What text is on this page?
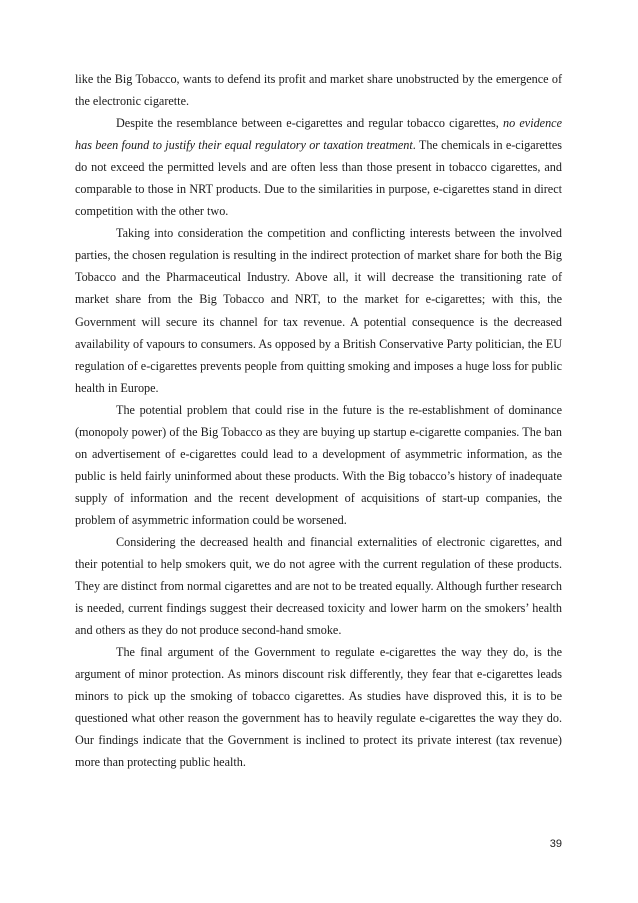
like the Big Tobacco, wants to defend its profit and market share unobstructed by the emergence of the electronic cigarette.

Despite the resemblance between e-cigarettes and regular tobacco cigarettes, no evidence has been found to justify their equal regulatory or taxation treatment. The chemicals in e-cigarettes do not exceed the permitted levels and are often less than those present in tobacco cigarettes, and comparable to those in NRT products. Due to the similarities in purpose, e-cigarettes stand in direct competition with the other two.

Taking into consideration the competition and conflicting interests between the involved parties, the chosen regulation is resulting in the indirect protection of market share for both the Big Tobacco and the Pharmaceutical Industry. Above all, it will decrease the transitioning rate of market share from the Big Tobacco and NRT, to the market for e-cigarettes; with this, the Government will secure its channel for tax revenue. A potential consequence is the decreased availability of vapours to consumers. As opposed by a British Conservative Party politician, the EU regulation of e-cigarettes prevents people from quitting smoking and imposes a huge loss for public health in Europe.

The potential problem that could rise in the future is the re-establishment of dominance (monopoly power) of the Big Tobacco as they are buying up startup e-cigarette companies. The ban on advertisement of e-cigarettes could lead to a development of asymmetric information, as the public is held fairly uninformed about these products. With the Big tobacco’s history of inadequate supply of information and the recent development of acquisitions of start-up companies, the problem of asymmetric information could be worsened.

Considering the decreased health and financial externalities of electronic cigarettes, and their potential to help smokers quit, we do not agree with the current regulation of these products. They are distinct from normal cigarettes and are not to be treated equally. Although further research is needed, current findings suggest their decreased toxicity and lower harm on the smokers’ health and others as they do not produce second-hand smoke.

The final argument of the Government to regulate e-cigarettes the way they do, is the argument of minor protection. As minors discount risk differently, they fear that e-cigarettes leads minors to pick up the smoking of tobacco cigarettes. As studies have disproved this, it is to be questioned what other reason the government has to heavily regulate e-cigarettes the way they do. Our findings indicate that the Government is inclined to protect its private interest (tax revenue) more than protecting public health.

39
